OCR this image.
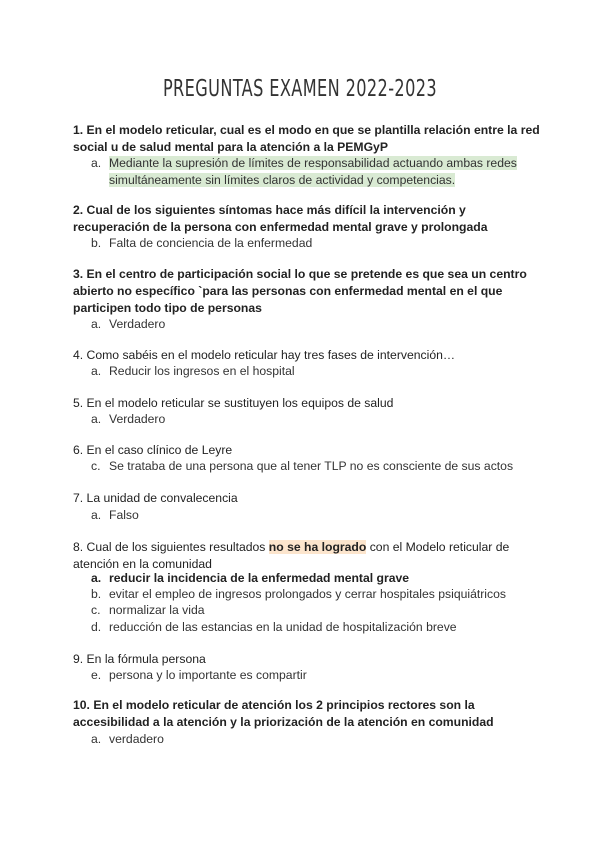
PREGUNTAS EXAMEN 2022-2023
1. En el modelo reticular, cual es el modo en que se plantilla relación entre la red social u de salud mental para la atención a la PEMGyP
a. Mediante la supresión de límites de responsabilidad actuando ambas redes
simultáneamente sin límites claros de actividad y competencias.
2. Cual de los siguientes síntomas hace más difícil la intervención y recuperación de la persona con enfermedad mental grave y prolongada
b. Falta de conciencia de la enfermedad
3. En el centro de participación social lo que se pretende es que sea un centro abierto no específico `para las personas con enfermedad mental en el que participen todo tipo de personas
a. Verdadero
4. Como sabéis en el modelo reticular hay tres fases de intervención…
a. Reducir los ingresos en el hospital
5. En el modelo reticular se sustituyen los equipos de salud
a. Verdadero
6. En el caso clínico de Leyre
c. Se trataba de una persona que al tener TLP no es consciente de sus actos
7. La unidad de convalecencia
a. Falso
8. Cual de los siguientes resultados no se ha logrado con el Modelo reticular de atención en la comunidad
a. reducir la incidencia de la enfermedad mental grave
b. evitar el empleo de ingresos prolongados y cerrar hospitales psiquiátricos
c. normalizar la vida
d. reducción de las estancias en la unidad de hospitalización breve
9. En la fórmula persona
e. persona y lo importante es compartir
10. En el modelo reticular de atención los 2 principios rectores son la accesibilidad a la atención y la priorización de la atención en comunidad
a. verdadero
